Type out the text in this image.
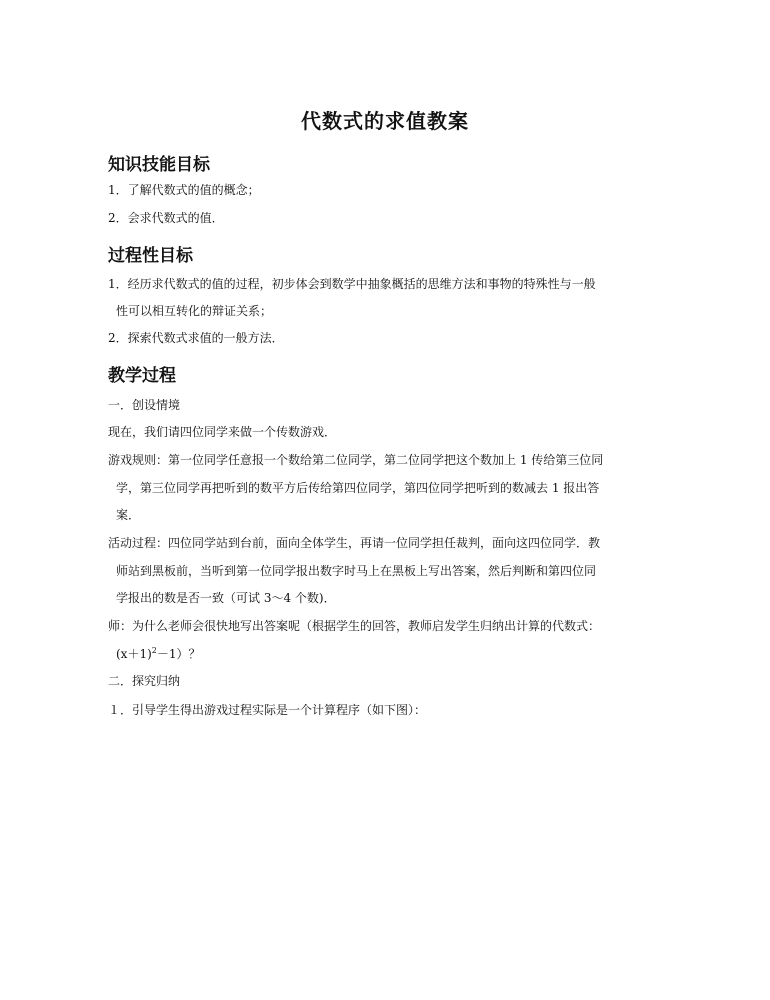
代数式的求值教案
知识技能目标
1．了解代数式的值的概念；
2．会求代数式的值．
过程性目标
1．经历求代数式的值的过程，初步体会到数学中抽象概括的思维方法和事物的特殊性与一般
性可以相互转化的辩证关系；
2．探索代数式求值的一般方法．
教学过程
一．创设情境
现在，我们请四位同学来做一个传数游戏．
游戏规则：第一位同学任意报一个数给第二位同学，第二位同学把这个数加上 1 传给第三位同
学，第三位同学再把听到的数平方后传给第四位同学，第四位同学把听到的数减去 1 报出答
案．
活动过程：四位同学站到台前，面向全体学生，再请一位同学担任裁判，面向这四位同学．教
师站到黑板前，当听到第一位同学报出数字时马上在黑板上写出答案，然后判断和第四位同
学报出的数是否一致（可试 3～4 个数)．
师：为什么老师会很快地写出答案呢（根据学生的回答，教师启发学生归纳出计算的代数式：
$(x+1)^2-1$）？
二．探究归纳
１．引导学生得出游戏过程实际是一个计算程序（如下图）：
